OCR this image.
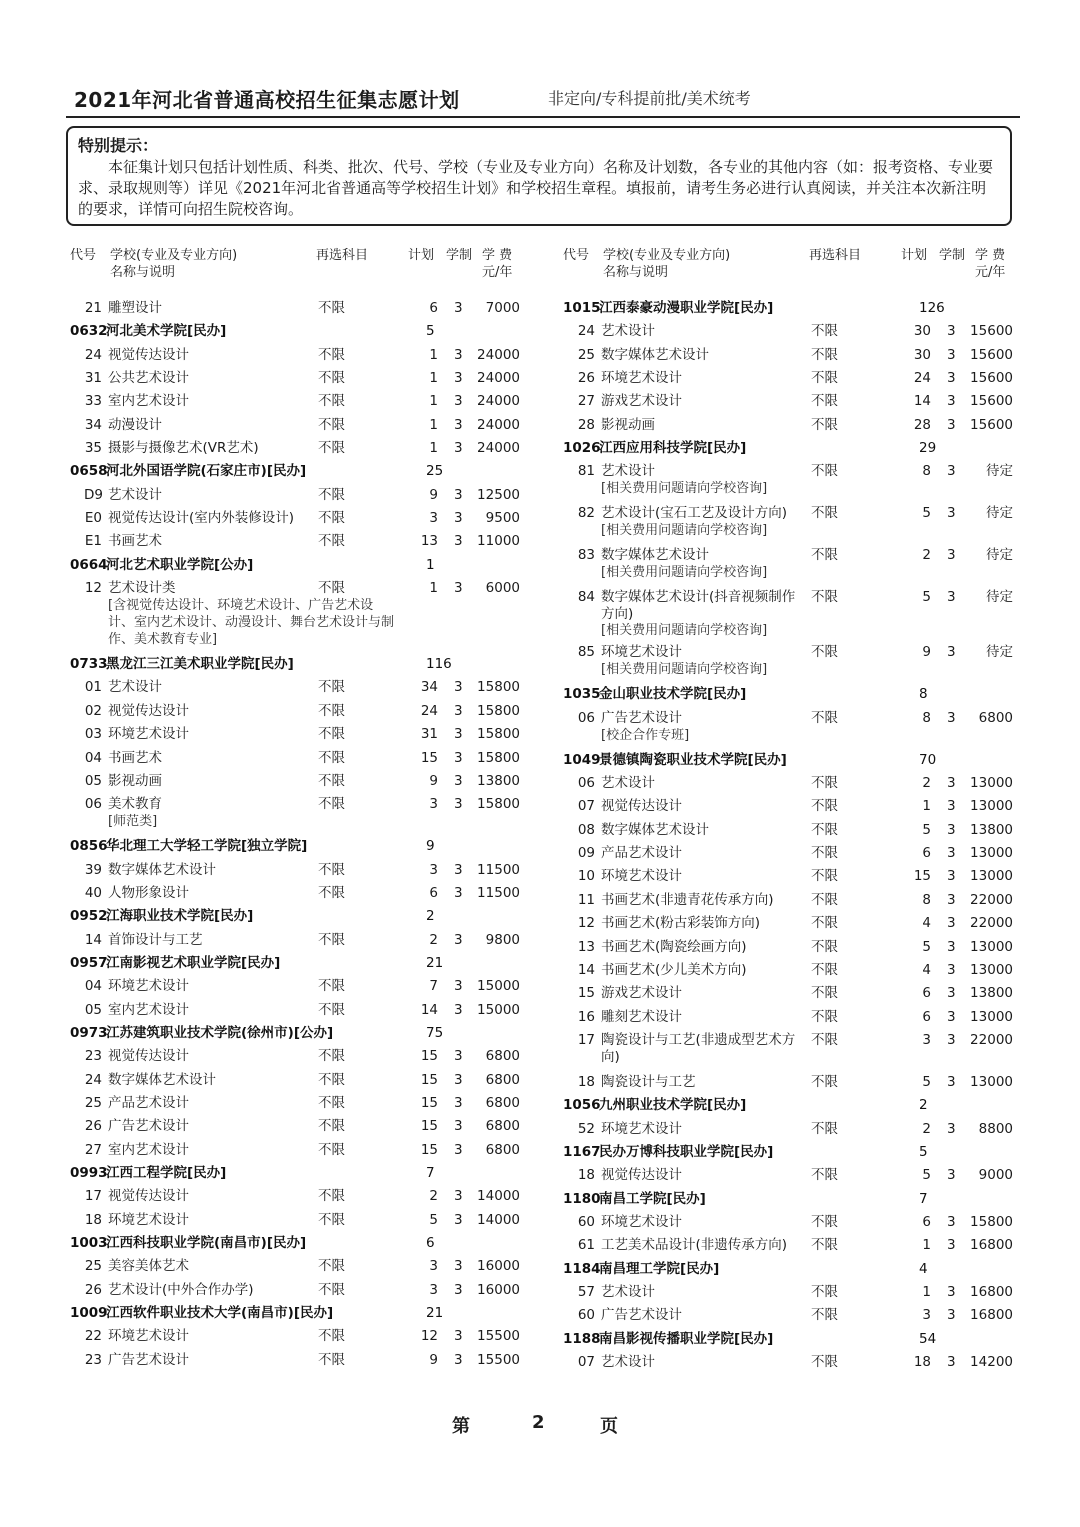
2021年河北省普通高校招生征集志愿计划	非定向/专科提前批/美术统考
特别提示：
本征集计划只包括计划性质、科类、批次、代号、学校（专业及专业方向）名称及计划数，各专业的其他内容（如：报考资格、专业要求、录取规则等）详见《2021年河北省普通高等学校招生计划》和学校招生章程。填报前，请考生务必进行认真阅读，并关注本次新注明的要求，详情可向招生院校咨询。
代号 学校(专业及专业方向)
名称与说明
再选科目	计划 学制 学 费
元/年
21 雕塑设计	不限	6 3	7000
0632
河北美术学院[民办]	5
24 视觉传达设计	不限	1 3	24000
31 公共艺术设计	不限	1 3	24000
33 室内艺术设计	不限	1 3	24000
34 动漫设计	不限	1 3	24000
35 摄影与摄像艺术(VR艺术)	不限	1 3	24000
0658
河北外国语学院(石家庄市)[民办]	25
D9 艺术设计	不限	9 3	12500
E0 视觉传达设计(室内外装修设计)	不限	3 3	9500
E1 书画艺术	不限	13 3	11000
0664
河北艺术职业学院[公办]	1
12 艺术设计类	不限	1 3	6000
[含视觉传达设计、环境艺术设计、广告艺术设计、室内艺术设计、动漫设计、舞台艺术设计与制作、美术教育专业]
0733
黑龙江三江美术职业学院[民办]	116
01 艺术设计	不限	34 3	15800
02 视觉传达设计	不限	24 3	15800
03 环境艺术设计	不限	31 3	15800
04 书画艺术	不限	15 3	15800
05 影视动画	不限	9 3	13800
06 美术教育	不限	3 3	15800
[师范类]
0856
华北理工大学轻工学院[独立学院]	9
39 数字媒体艺术设计	不限	3 3	11500
40 人物形象设计	不限	6 3	11500
0952
江海职业技术学院[民办]	2
14 首饰设计与工艺	不限	2 3	9800
0957
江南影视艺术职业学院[民办]	21
04 环境艺术设计	不限	7 3	15000
05 室内艺术设计	不限	14 3	15000
0973
江苏建筑职业技术学院(徐州市)[公办]	75
23 视觉传达设计	不限	15 3	6800
24 数字媒体艺术设计	不限	15 3	6800
25 产品艺术设计	不限	15 3	6800
26 广告艺术设计	不限	15 3	6800
27 室内艺术设计	不限	15 3	6800
0993
江西工程学院[民办]	7
17 视觉传达设计	不限	2 3	14000
18 环境艺术设计	不限	5 3	14000
1003
江西科技职业学院(南昌市)[民办]	6
25 美容美体艺术	不限	3 3	16000
26 艺术设计(中外合作办学)	不限	3 3	16000
1009
江西软件职业技术大学(南昌市)[民办]	21
22 环境艺术设计	不限	12 3	15500
23 广告艺术设计	不限	9 3	15500
代号 学校(专业及专业方向)
名称与说明
再选科目	计划 学制 学 费
元/年
1015
江西泰豪动漫职业学院[民办]	126
24 艺术设计	不限	30 3	15600
25 数字媒体艺术设计	不限	30 3	15600
26 环境艺术设计	不限	24 3	15600
27 游戏艺术设计	不限	14 3	15600
28 影视动画	不限	28 3	15600
1026
江西应用科技学院[民办]	29
81 艺术设计	不限	8 3	待定
[相关费用问题请向学校咨询]
82 艺术设计(宝石工艺及设计方向)	不限	5 3	待定
[相关费用问题请向学校咨询]
83 数字媒体艺术设计	不限	2 3	待定
[相关费用问题请向学校咨询]
84 数字媒体艺术设计(抖音视频制作方向)
不限	5 3	待定
[相关费用问题请向学校咨询]
85 环境艺术设计	不限	9 3	待定
[相关费用问题请向学校咨询]
1035
金山职业技术学院[民办]	8
06 广告艺术设计	不限	8 3	6800
[校企合作专班]
1049
景德镇陶瓷职业技术学院[民办]	70
06 艺术设计	不限	2 3	13000
07 视觉传达设计	不限	1 3	13000
08 数字媒体艺术设计	不限	5 3	13800
09 产品艺术设计	不限	6 3	13000
10 环境艺术设计	不限	15 3	13000
11 书画艺术(非遗青花传承方向)	不限	8 3	22000
12 书画艺术(粉古彩装饰方向)	不限	4 3	22000
13 书画艺术(陶瓷绘画方向)	不限	5 3	13000
14 书画艺术(少儿美术方向)	不限	4 3	13000
15 游戏艺术设计	不限	6 3	13800
16 雕刻艺术设计	不限	6 3	13000
17 陶瓷设计与工艺(非遗成型艺术方向)
不限	3 3	22000
18 陶瓷设计与工艺	不限	5 3	13000
1056
九州职业技术学院[民办]	2
52 环境艺术设计	不限	2 3	8800
1167
民办万博科技职业学院[民办]	5
18 视觉传达设计	不限	5 3	9000
1180
南昌工学院[民办]	7
60 环境艺术设计	不限	6 3	15800
61 工艺美术品设计(非遗传承方向)	不限	1 3	16800
1184
南昌理工学院[民办]	4
57 艺术设计	不限	1 3	16800
60 广告艺术设计	不限	3 3	16800
1188
南昌影视传播职业学院[民办]	54
07 艺术设计	不限	18 3	14200
第	2	页
